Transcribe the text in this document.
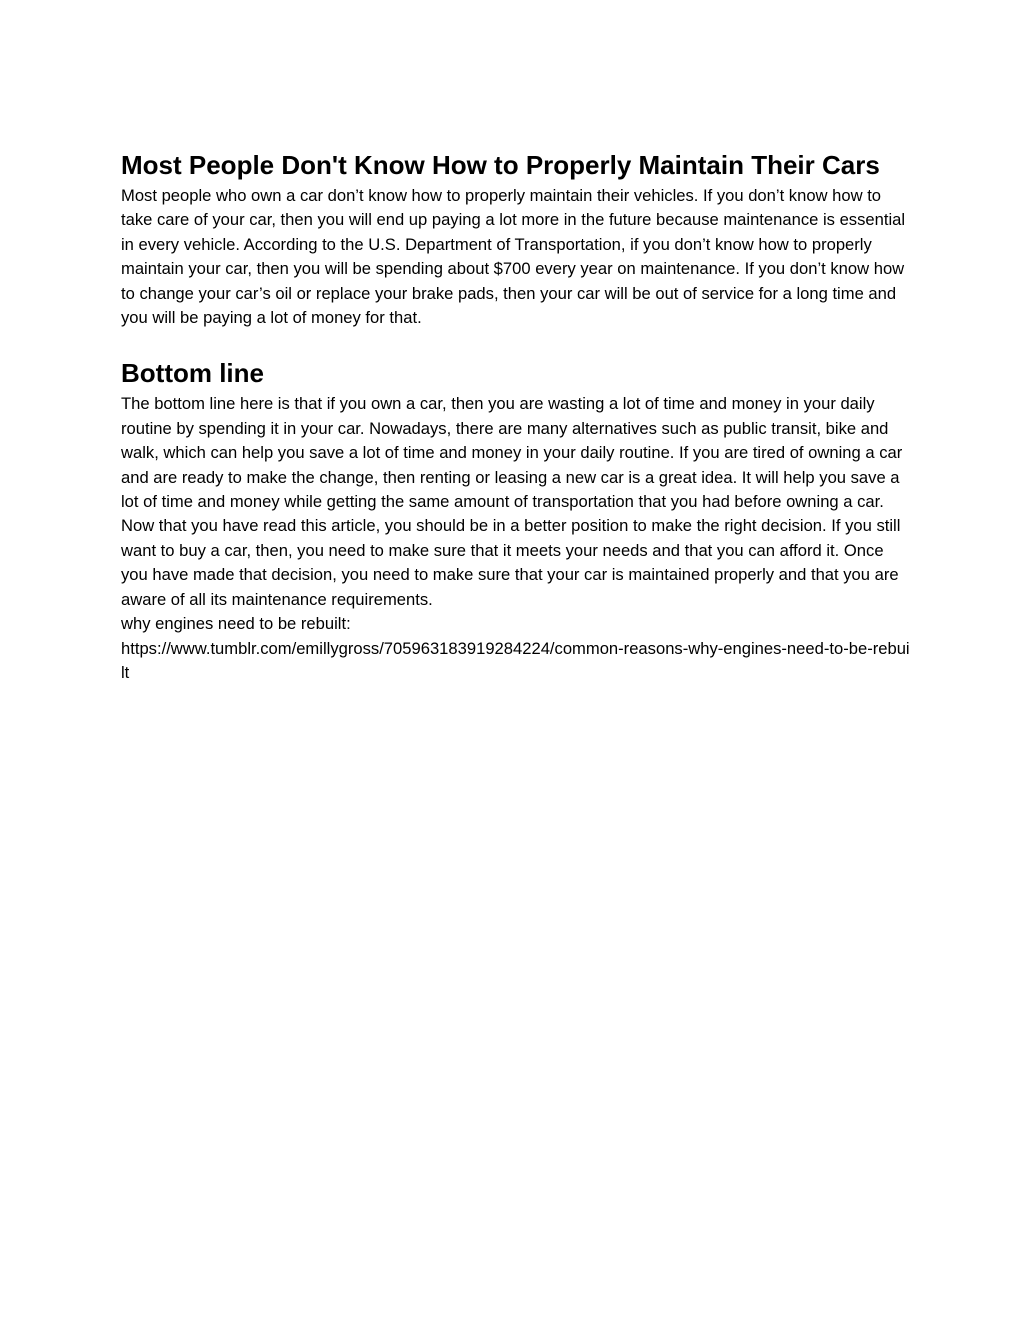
Most People Don't Know How to Properly Maintain Their Cars

Most people who own a car don’t know how to properly maintain their vehicles. If you don’t know how to take care of your car, then you will end up paying a lot more in the future because maintenance is essential in every vehicle. According to the U.S. Department of Transportation, if you don’t know how to properly maintain your car, then you will be spending about $700 every year on maintenance. If you don’t know how to change your car’s oil or replace your brake pads, then your car will be out of service for a long time and you will be paying a lot of money for that.

Bottom line

The bottom line here is that if you own a car, then you are wasting a lot of time and money in your daily routine by spending it in your car. Nowadays, there are many alternatives such as public transit, bike and walk, which can help you save a lot of time and money in your daily routine. If you are tired of owning a car and are ready to make the change, then renting or leasing a new car is a great idea. It will help you save a lot of time and money while getting the same amount of transportation that you had before owning a car. Now that you have read this article, you should be in a better position to make the right decision. If you still want to buy a car, then, you need to make sure that it meets your needs and that you can afford it. Once you have made that decision, you need to make sure that your car is maintained properly and that you are aware of all its maintenance requirements.

why engines need to be rebuilt:

https://www.tumblr.com/emillygross/705963183919284224/common-reasons-why-engines-need-to-be-rebuilt
